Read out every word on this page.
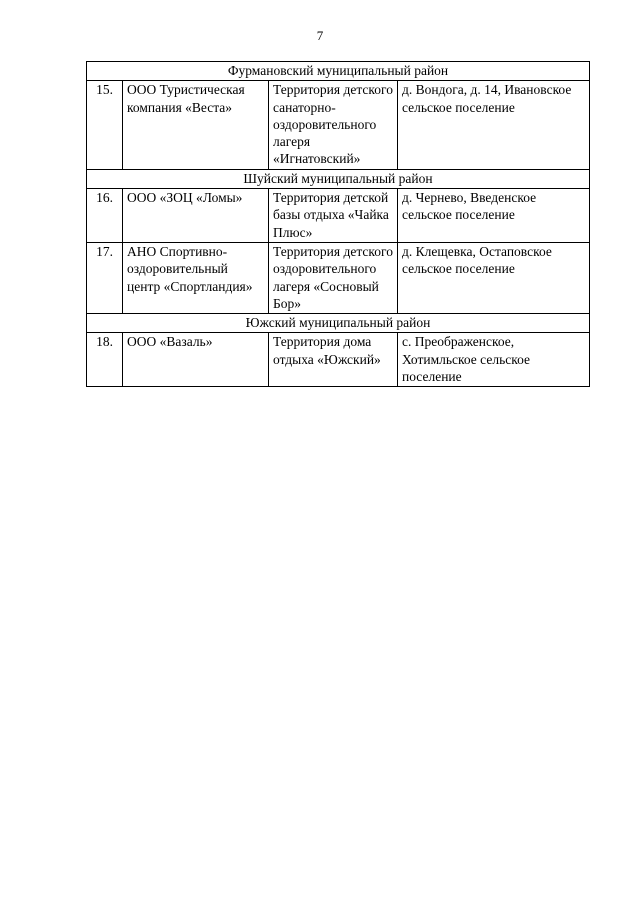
7
Фурмановский муниципальный район			
15.	ООО Туристическая компания «Веста»	Территория детского санаторно-оздоровительного лагеря «Игнатовский»	д. Вондога, д. 14, Ивановское сельское поселение
Шуйский муниципальный район			
16.	ООО «ЗОЦ «Ломы»	Территория детской базы отдыха «Чайка Плюс»	д. Чернево, Введенское сельское поселение
17.	АНО Спортивно-оздоровительный центр «Спортландия»	Территория детского оздоровительного лагеря «Сосновый Бор»	д. Клещевка, Остаповское сельское поселение
Южский муниципальный район			
18.	ООО «Вазаль»	Территория дома отдыха «Южский»	с. Преображенское, Хотимльское сельское поселение
